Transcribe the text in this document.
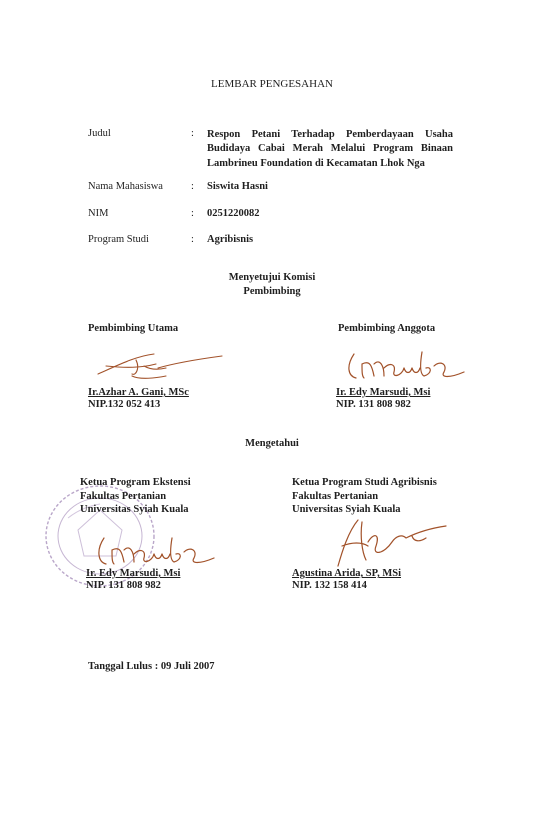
LEMBAR PENGESAHAN
Judul	: Respon Petani Terhadap Pemberdayaan Usaha Budidaya Cabai Merah Melalui Program Binaan Lambrineu Foundation di Kecamatan Lhok Nga
Nama Mahasiswa	: Siswita Hasni
NIM	: 0251220082
Program Studi	: Agribisnis
Menyetujui Komisi
Pembimbing
Pembimbing Utama
Ir.Azhar A. Gani, MSc
NIP.132 052 413
Pembimbing Anggota
Ir. Edy Marsudi, Msi
NIP. 131 808 982
Mengetahui
Ketua Program Ekstensi
Fakultas Pertanian
Universitas Syiah Kuala
Ir. Edy Marsudi, Msi
NIP. 131 808 982
Ketua Program Studi Agribisnis
Fakultas Pertanian
Universitas Syiah Kuala
Agustina Arida, SP, MSi
NIP. 132 158 414
Tanggal Lulus : 09 Juli 2007
